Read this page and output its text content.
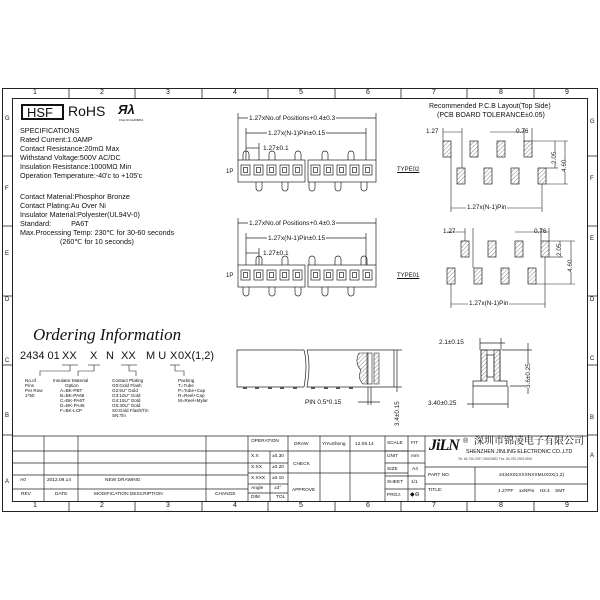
1	2	3	4	5	6	7	8	9
1	2	3	4	5	6	7	8	9
G
F
E
D
C
B
A
G
F
E
D
C
B
A
HSF RoHS Яλ
FILE NO.E466811
SPECIFICATIONS
Rated Current:1.0AMP
Contact Resistance:20mΩ Max
Withstand Voltage:500V AC/DC
Insulation Resistance:1000MΩ Min
Operation Temperature:-40'c to +105'c
Contact Material:Phosphor Bronze
Contact Plating:Au Over Ni
Insulator Material:Polyester(UL94V-0)
Standard:          PA6T
Max.Processing Temp: 230℃ for 30-60 seconds
(260℃ for 10 seconds)
Ordering Information
2434 01 XX X N XX M U X 0X(1,2)
No.of
Pins
Per Row
1*50
Insulator Material
Option
A=BK-PBT
B=BK-PA66
C=BK-PA6T
D=BK-PA46
F=BK-LCP
Contact Plating
G0:Gold Flash
G2:5U" Gold
G3:10U" Gold
G4:15U" Gold
G5:30U" Gold
S0:Gold Flash/Tin
SN:Tin
Packing
T=Tube
P=Tube+Cap
R=Reel+Cap
M=Reel+Mylar
1.27xNo.of Positions+0.4±0.3
1.27x(N-1)Pin±0.15
1.27±0.1
1P	TYPE02
1.27xNo.of Positions+0.4±0.3
1.27x(N-1)Pin±0.15
1.27±0.1
1P	TYPE01
Recommended P.C.B Layout(Top Side)
(PCB BOARD TOLERANCE±0.05)
1.27	0.76
2.05
4.60
1.27x(N-1)Pin
1.27	0.76
2.05
4.60
1.27x(N-1)Pin
PIN 0.5*0.15	3.4±0.15
2.1±0.15
3.6±0.25
3.40±0.25
A0	2012.09.14	NEW DRAWING
REV	DATE	MODIFICATION DESCRIPTION	CHANGE
OPERATION
X.X	±0.30
X.XX ±0.20
X.XXX ±0.10
Angle ±3°
DIM	TOL
DRAW	YiYuSheng 12.09.14
CHECK
APPROVE
SCALE FIT
UNIT	mm
SIZE	A4
SHEET 1/1
PROJ. ◆⊖
JiLN ® 深圳市锦凌电子有限公司
SHENZHEN JINLING ELECTRONIC CO.,LTD
Tel: 86-755-2997-0906/5892 Fax: 86-755-2909-5892
PART NO.	2434X01XXXNXXMUX0X(1,2)
TITLE:	1.27PF    1xNPin    H3.4    SMT
